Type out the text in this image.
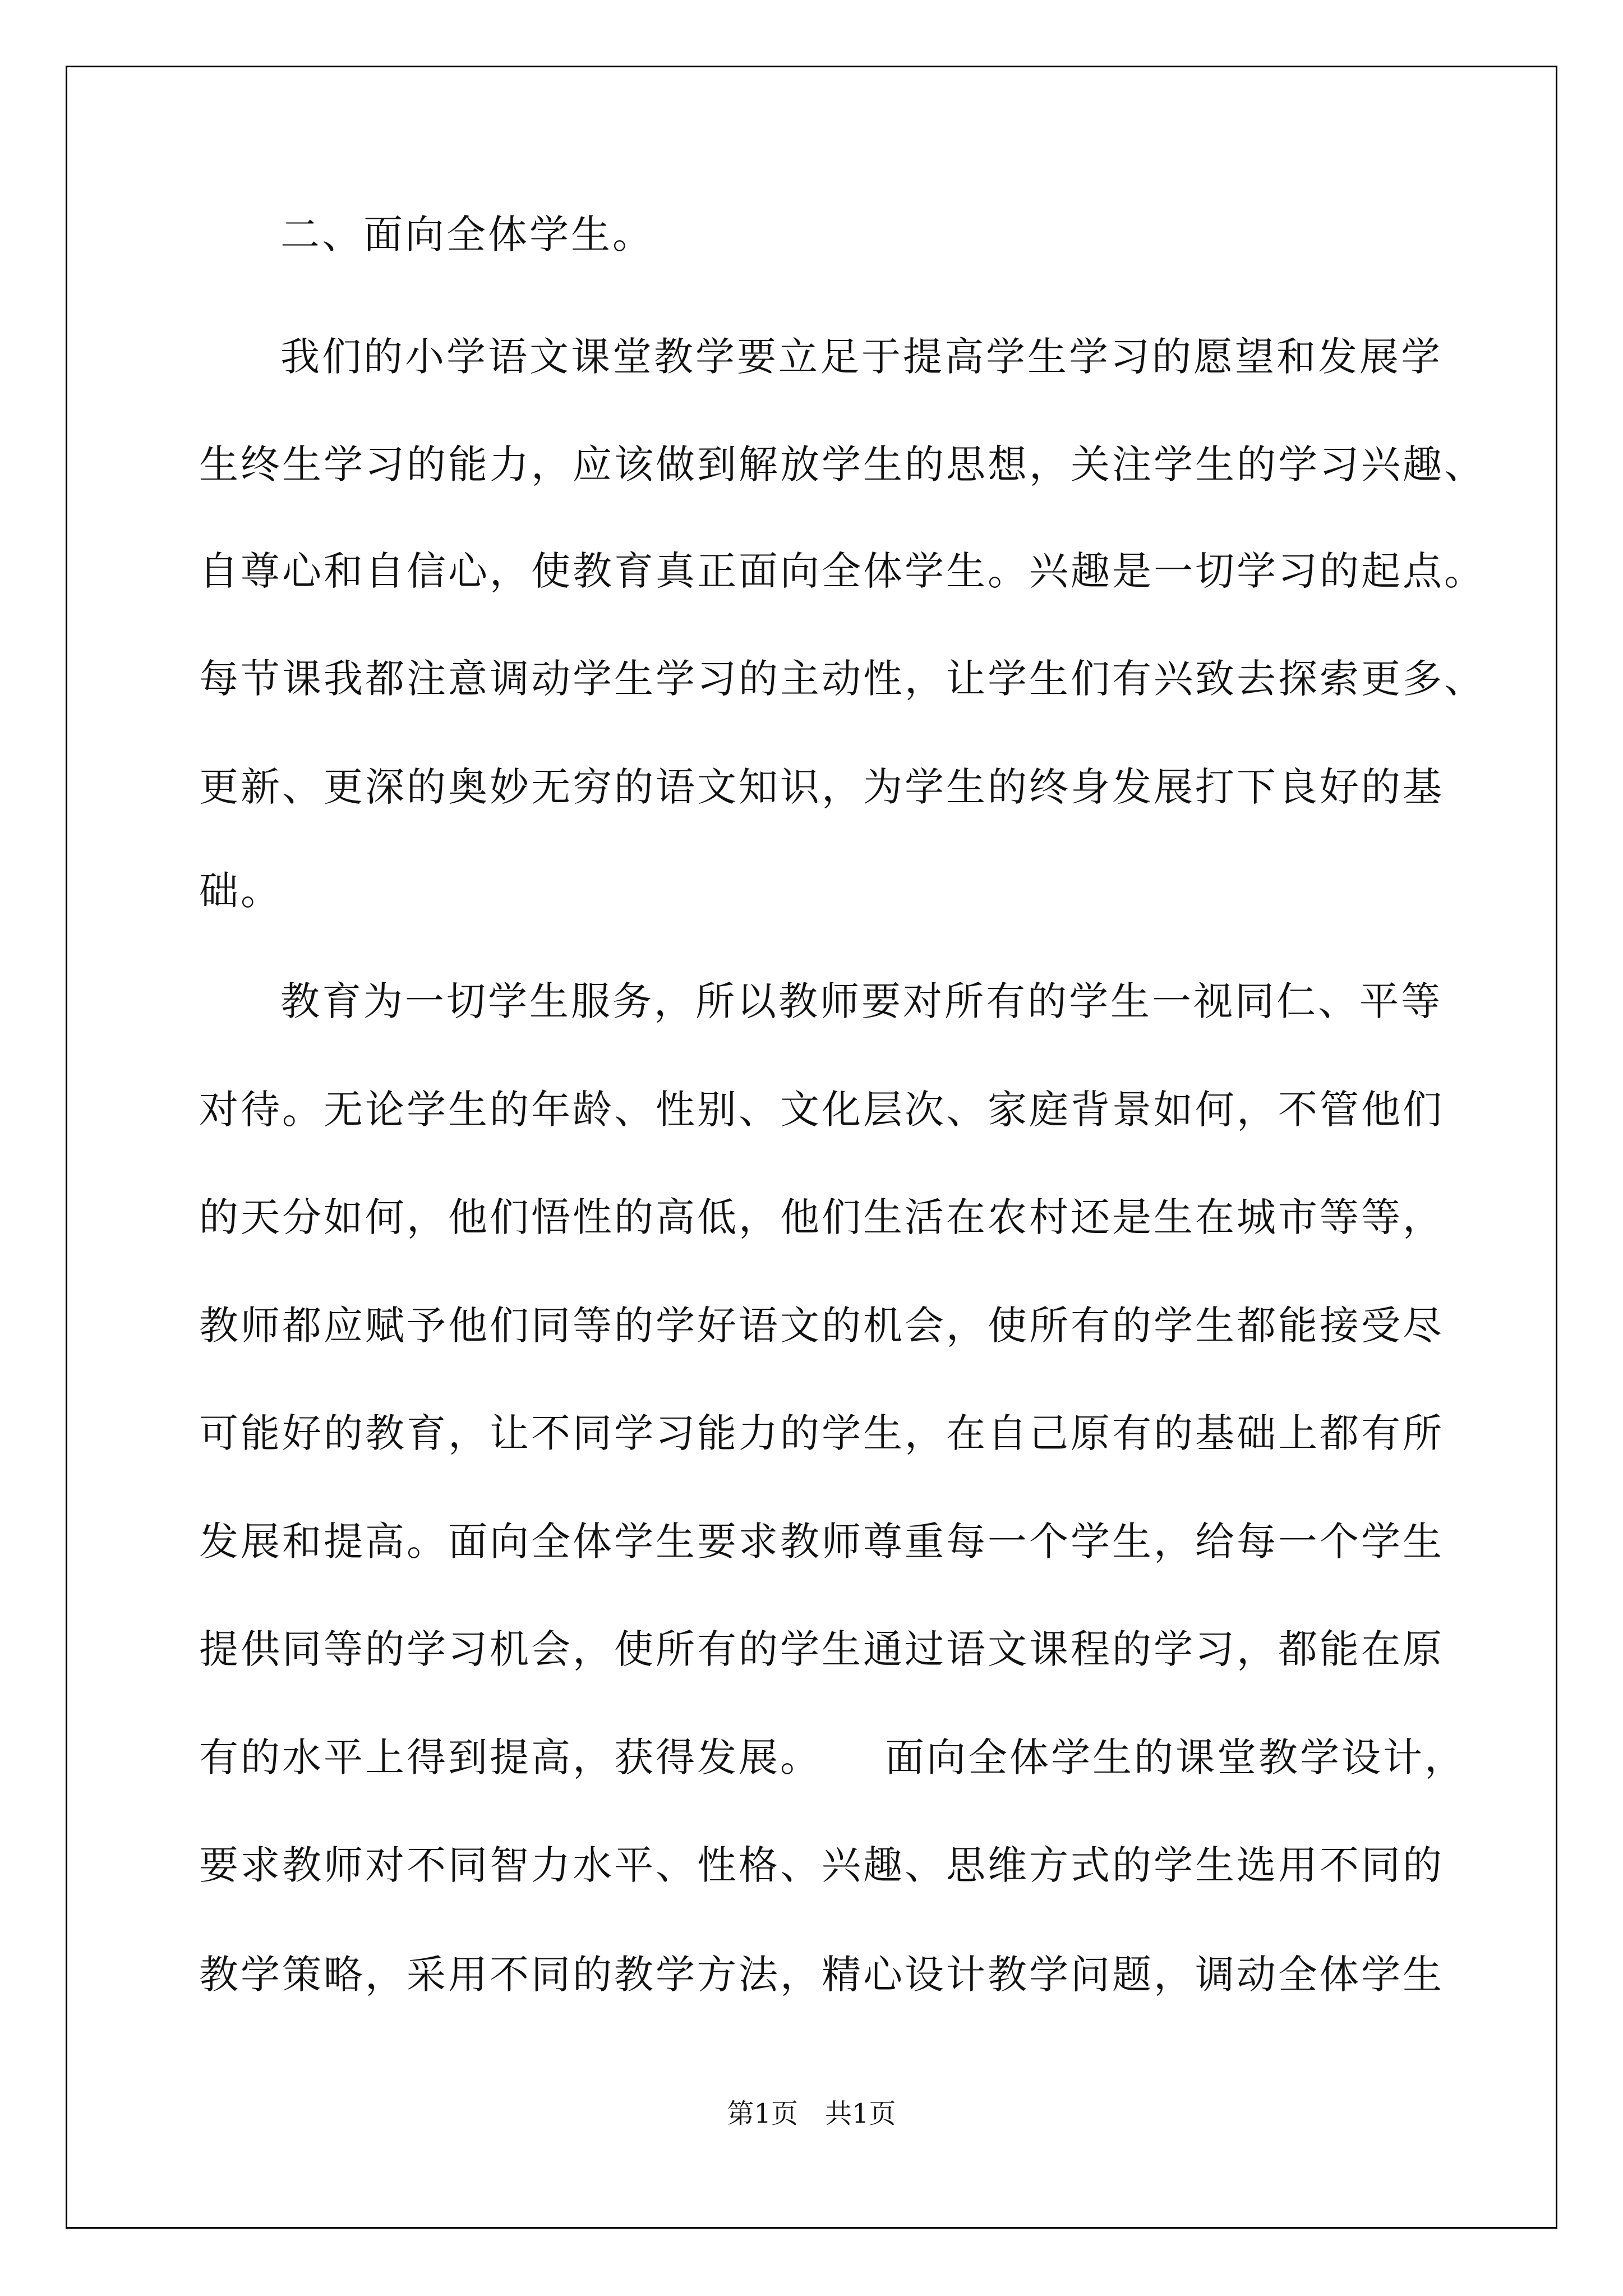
二、面向全体学生。
我们的小学语文课堂教学要立足于提高学生学习的愿望和发展学
生终生学习的能力，应该做到解放学生的思想，关注学生的学习兴趣、
自尊心和自信心，使教育真正面向全体学生。兴趣是一切学习的起点。
每节课我都注意调动学生学习的主动性，让学生们有兴致去探索更多、
更新、更深的奥妙无穷的语文知识，为学生的终身发展打下良好的基
础。
教育为一切学生服务，所以教师要对所有的学生一视同仁、平等
对待。无论学生的年龄、性别、文化层次、家庭背景如何，不管他们
的天分如何，他们悟性的高低，他们生活在农村还是生在城市等等，
教师都应赋予他们同等的学好语文的机会，使所有的学生都能接受尽
可能好的教育，让不同学习能力的学生，在自己原有的基础上都有所
发展和提高。面向全体学生要求教师尊重每一个学生，给每一个学生
提供同等的学习机会，使所有的学生通过语文课程的学习，都能在原
有的水平上得到提高，获得发展。　　面向全体学生的课堂教学设计，
要求教师对不同智力水平、性格、兴趣、思维方式的学生选用不同的
教学策略，采用不同的教学方法，精心设计教学问题，调动全体学生
第1页　共1页
